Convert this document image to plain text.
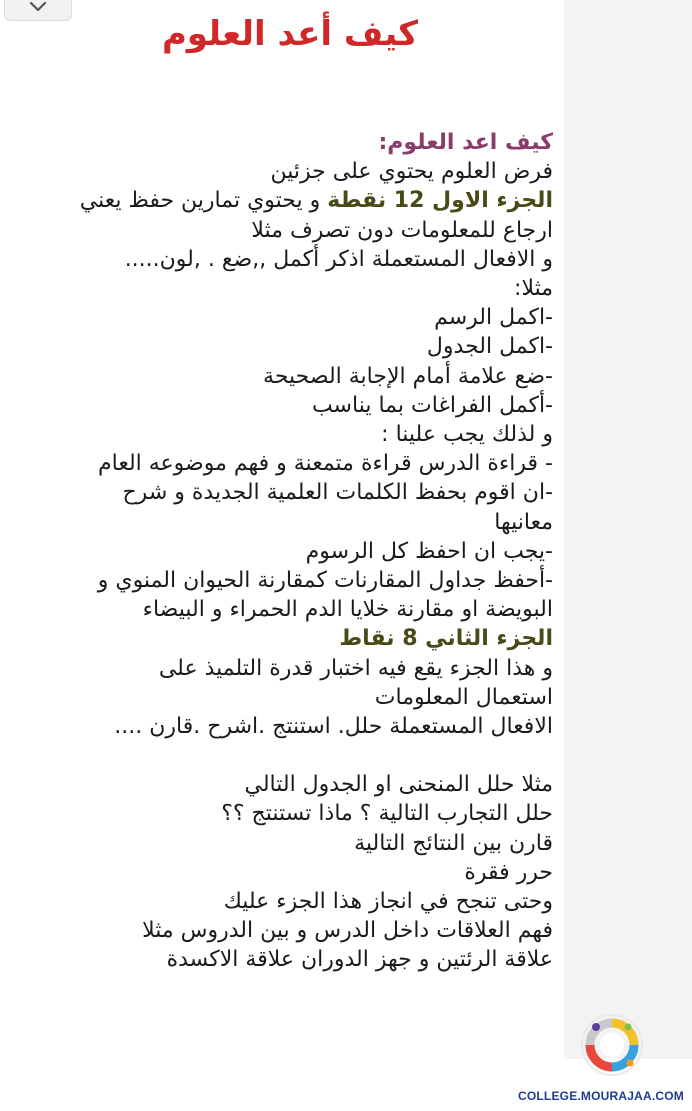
كيف أعد العلوم
كيف اعد العلوم:
فرض العلوم يحتوي على جزئين
الجزء الاول 12 نقطة و يحتوي تمارين حفظ يعني
ارجاع للمعلومات دون تصرف مثلا
و الافعال المستعملة اذكر أكمل ,,ضع . ,لون.....
مثلا:
-اكمل الرسم
-اكمل الجدول
-ضع علامة أمام الإجابة الصحيحة
-أكمل الفراغات بما يناسب
و لذلك يجب علينا :
- قراءة الدرس قراءة متمعنة و فهم موضوعه العام
-ان اقوم بحفظ الكلمات العلمية الجديدة و شرح
معانيها
-يجب ان احفظ كل الرسوم
-أحفظ جداول المقارنات كمقارنة الحيوان المنوي و
البويضة او مقارنة خلايا الدم الحمراء و البيضاء
الجزء الثاني 8 نقاط
و هذا الجزء يقع فيه اختبار قدرة التلميذ على
استعمال المعلومات
الافعال المستعملة حلل. استنتج .اشرح .قارن ....
مثلا حلل المنحنى او الجدول التالي
حلل التجارب التالية ؟ ماذا تستنتج ؟؟
قارن بين النتائج التالية
حرر فقرة
وحتى تنجح في انجاز هذا الجزء عليك
فهم العلاقات داخل الدرس و بين الدروس مثلا
علاقة الرئتين و جهز الدوران علاقة الاكسدة
COLLEGE.MOURAJAA.COM
